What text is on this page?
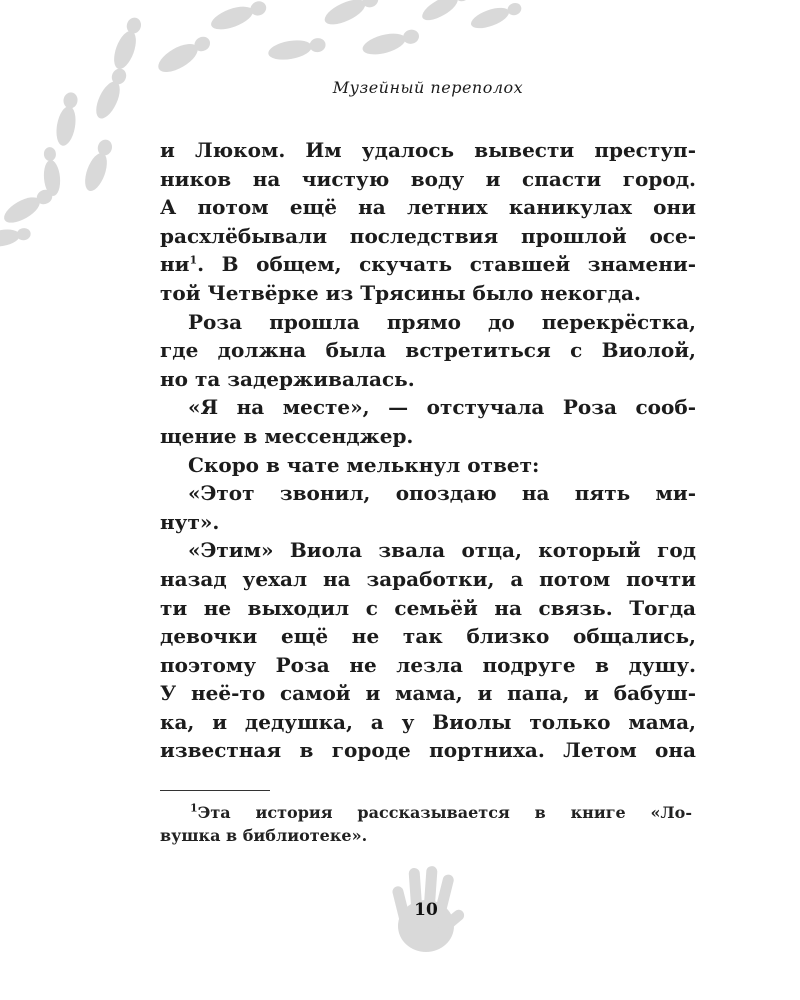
Музейный переполох
и Люком. Им удалось вывести преступ-
ников на чистую воду и спасти город.
А потом ещё на летних каникулах они
расхлёбывали последствия прошлой осе-
$ни^1$. В общем, скучать ставшей знамени-
той Четвёрке из Трясины было некогда.
Роза прошла прямо до перекрёстка,
где должна была встретиться с Виолой,
но та задерживалась.
«Я на месте», — отстучала Роза сооб-
щение в мессенджер.
Скоро в чате мелькнул ответ:
«Этот звонил, опоздаю на пять ми-
нут».
«Этим» Виола звала отца, который год
назад уехал на заработки, а потом почти
ти не выходил с семьёй на связь. Тогда
девочки ещё не так близко общались,
поэтому Роза не лезла подруге в душу.
У неё-то самой и мама, и папа, и бабуш-
ка, и дедушка, а у Виолы только мама,
известная в городе портниха. Летом она
$^1$Эта история рассказывается в книге «Ло-
вушка в библиотеке».
10
